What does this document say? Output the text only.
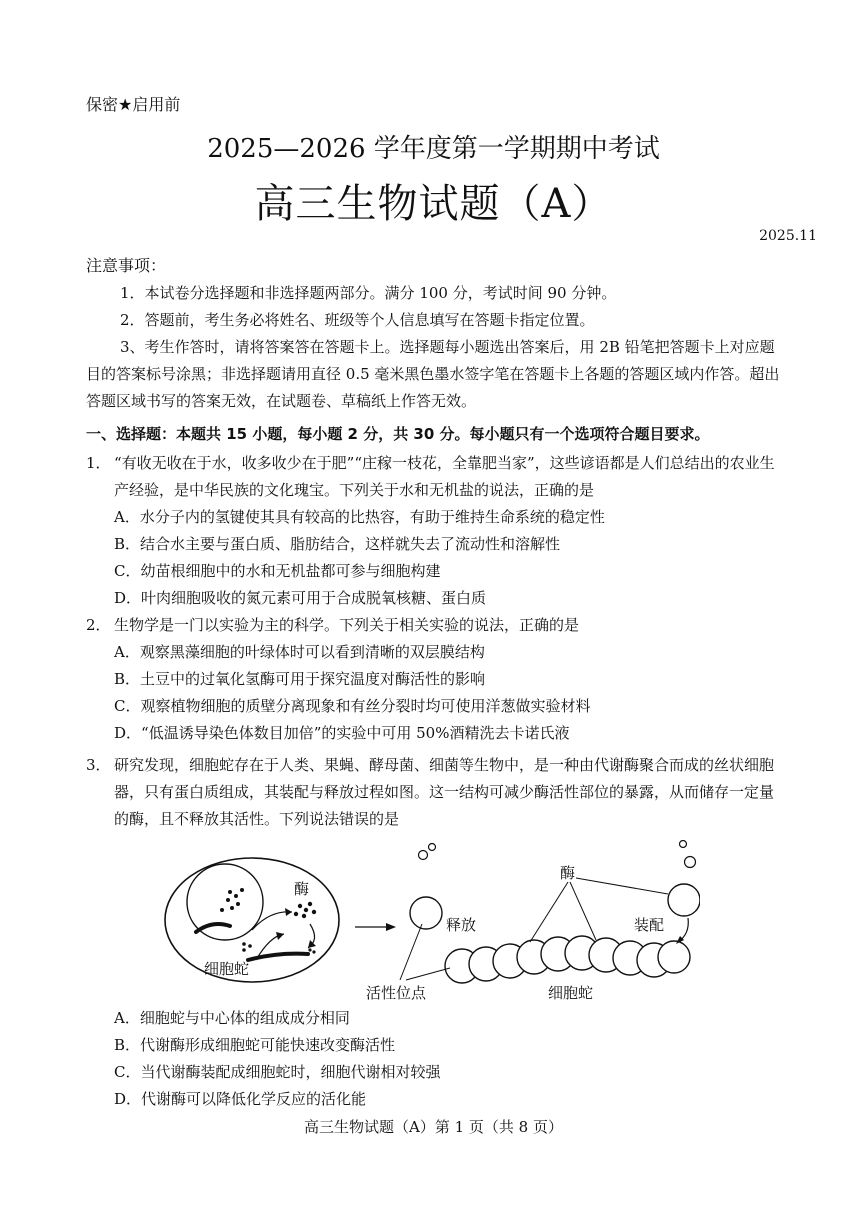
保密★启用前
2025—2026 学年度第一学期期中考试
高三生物试题（A）
2025.11
注意事项：
1．本试卷分选择题和非选择题两部分。满分 100 分，考试时间 90 分钟。
2．答题前，考生务必将姓名、班级等个人信息填写在答题卡指定位置。
3、考生作答时，请将答案答在答题卡上。选择题每小题选出答案后，用 2B 铅笔把答题卡上对应题目的答案标号涂黑；非选择题请用直径 0.5 毫米黑色墨水签字笔在答题卡上各题的答题区域内作答。超出答题区域书写的答案无效，在试题卷、草稿纸上作答无效。
一、选择题：本题共 15 小题，每小题 2 分，共 30 分。每小题只有一个选项符合题目要求。
1． “有收无收在于水，收多收少在于肥”“庄稼一枝花，全靠肥当家”，这些谚语都是人们总结出的农业生产经验，是中华民族的文化瑰宝。下列关于水和无机盐的说法，正确的是
A．水分子内的氢键使其具有较高的比热容，有助于维持生命系统的稳定性
B．结合水主要与蛋白质、脂肪结合，这样就失去了流动性和溶解性
C．幼苗根细胞中的水和无机盐都可参与细胞构建
D．叶肉细胞吸收的氮元素可用于合成脱氧核糖、蛋白质
2． 生物学是一门以实验为主的科学。下列关于相关实验的说法，正确的是
A．观察黑藻细胞的叶绿体时可以看到清晰的双层膜结构
B．土豆中的过氧化氢酶可用于探究温度对酶活性的影响
C．观察植物细胞的质壁分离现象和有丝分裂时均可使用洋葱做实验材料
D．“低温诱导染色体数目加倍”的实验中可用 50%酒精洗去卡诺氏液
3． 研究发现，细胞蛇存在于人类、果蝇、酵母菌、细菌等生物中，是一种由代谢酶聚合而成的丝状细胞器，只有蛋白质组成，其装配与释放过程如图。这一结构可减少酶活性部位的暴露，从而储存一定量的酶，且不释放其活性。下列说法错误的是
酶
细胞蛇
酶
释放	装配
活性位点	细胞蛇
A．细胞蛇与中心体的组成成分相同
B．代谢酶形成细胞蛇可能快速改变酶活性
C．当代谢酶装配成细胞蛇时，细胞代谢相对较强
D．代谢酶可以降低化学反应的活化能
高三生物试题（A）第 1 页（共 8 页）
